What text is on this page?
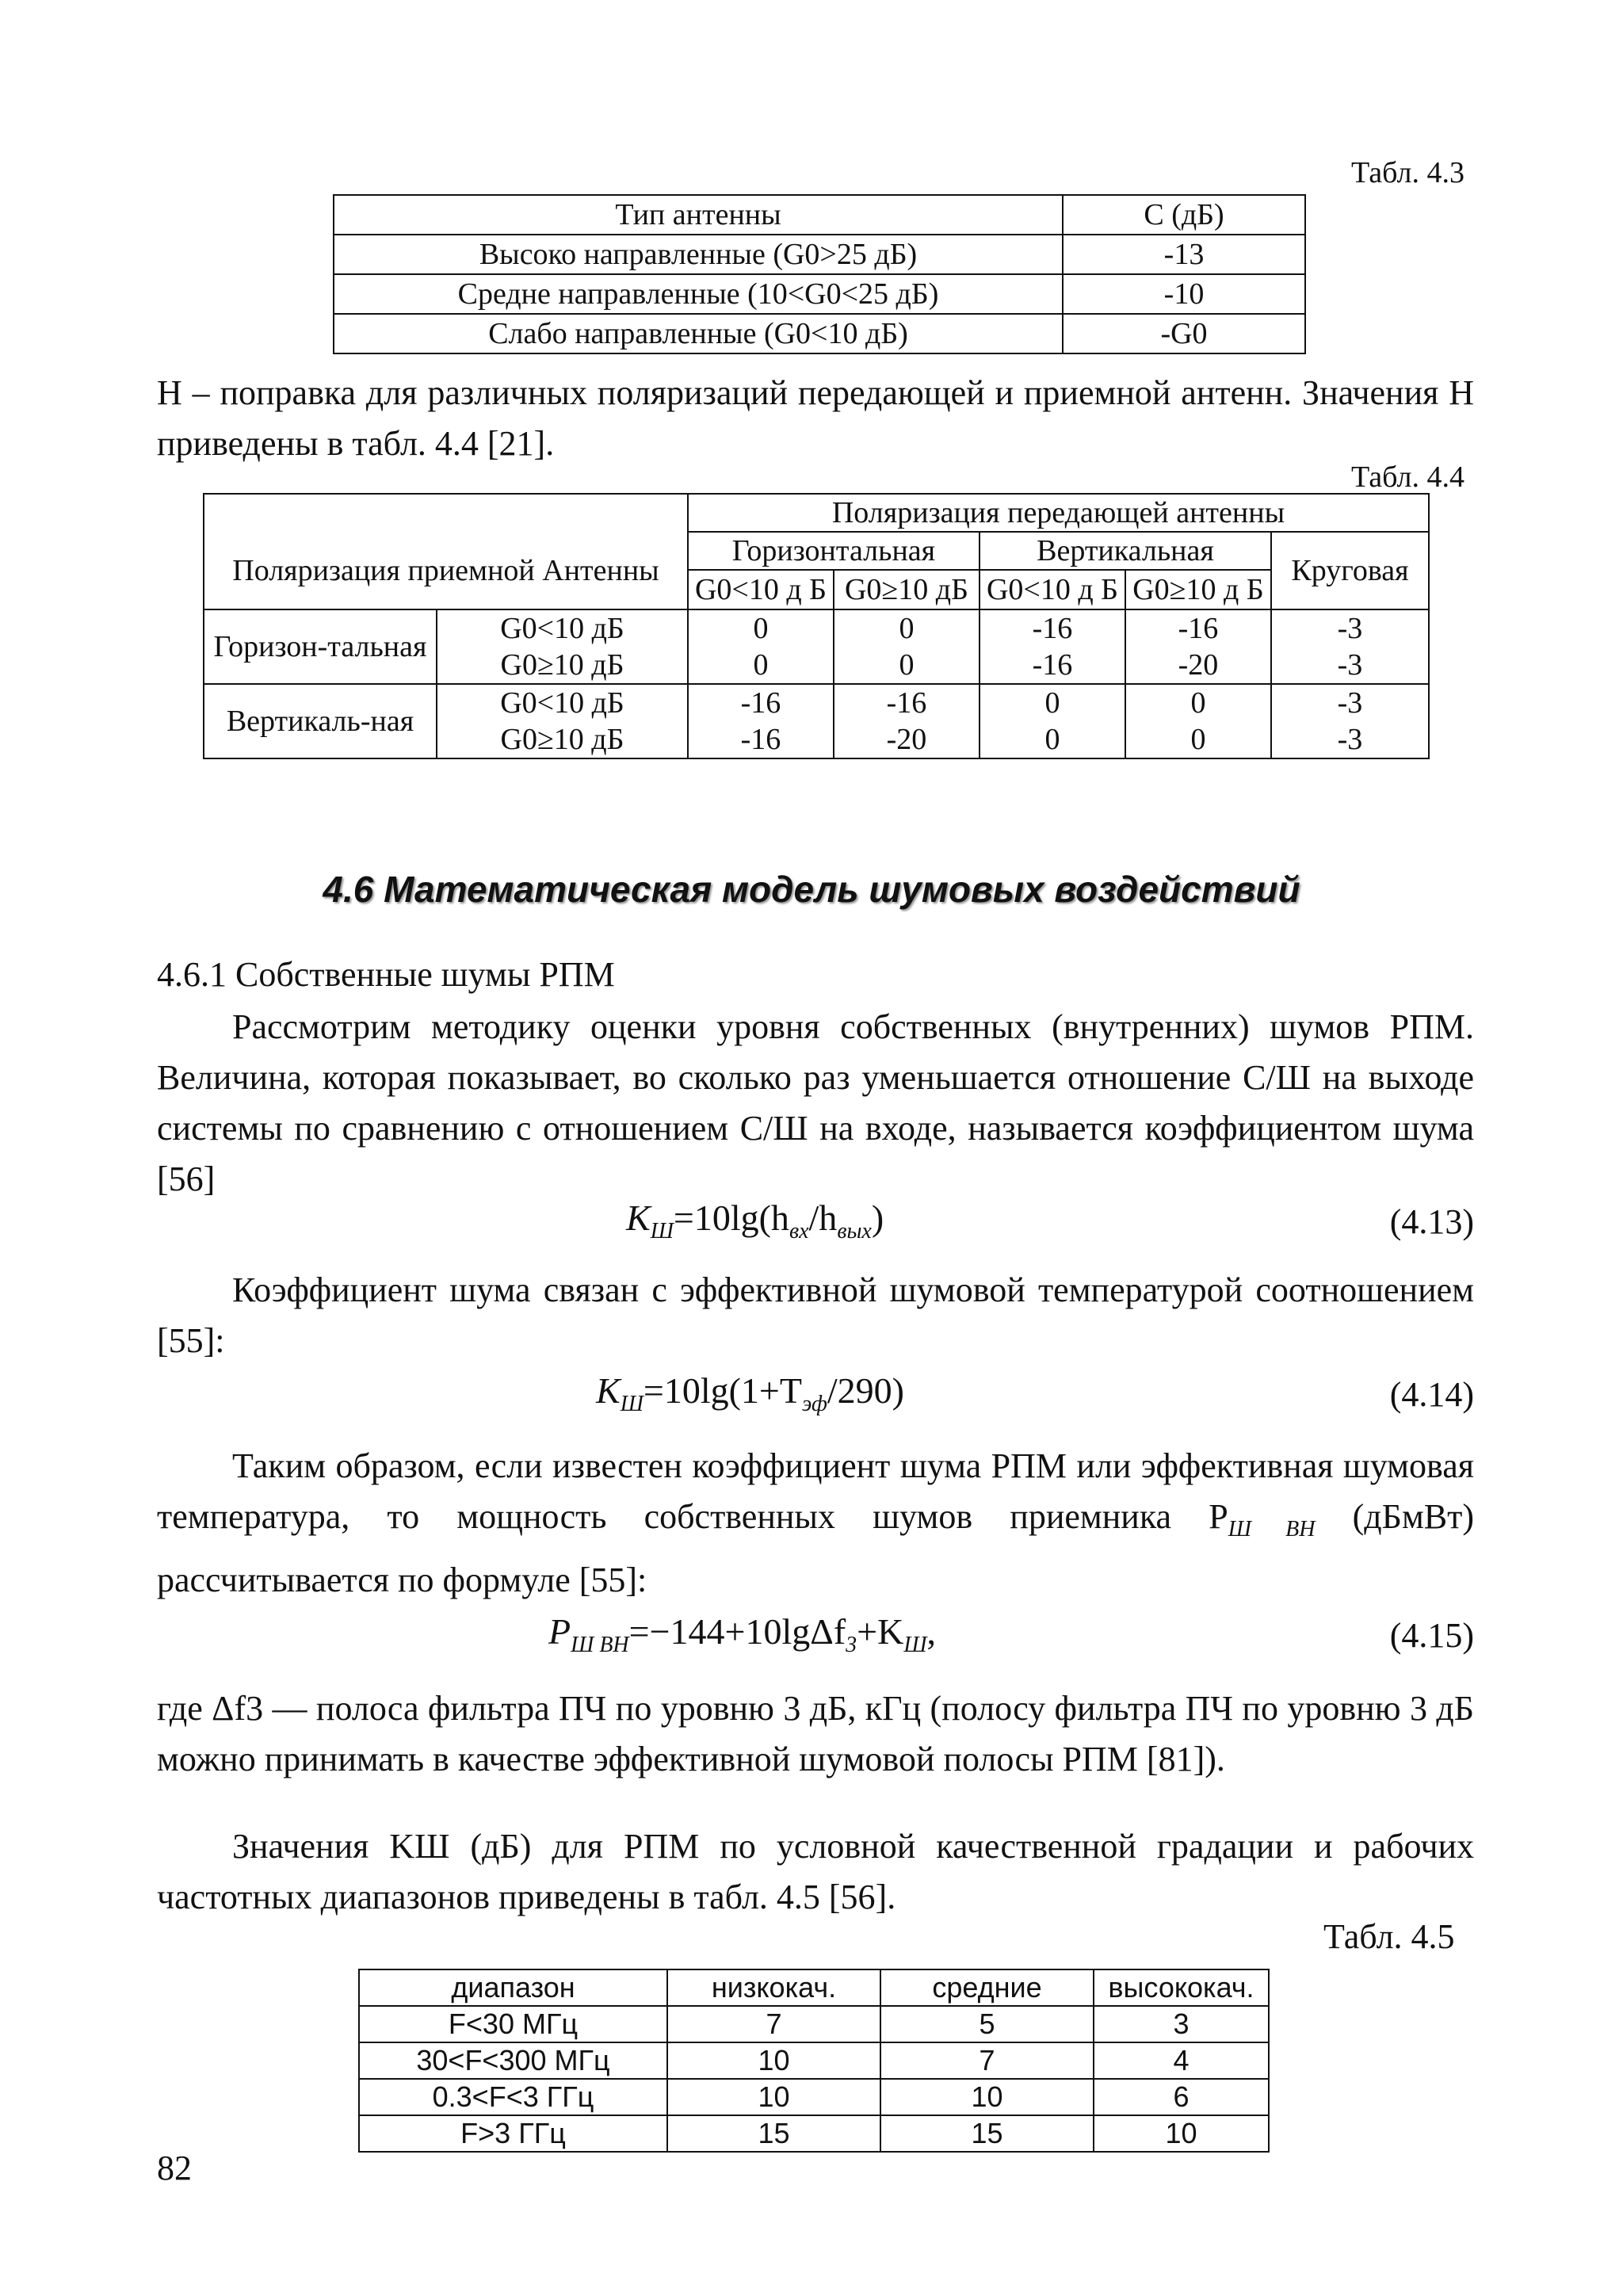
Табл. 4.3
Тип антенны	C (дБ)
Высоко направленные (G0>25 дБ)	-13
Средне направленные (10<G0<25 дБ)	-10
Слабо направленные (G0<10 дБ)	-G0
H – поправка для различных поляризаций передающей и приемной антенн. Значения H приведены в табл. 4.4 [21].
Табл. 4.4
		Поляризация передающей антенны				
Поляризация приемной Антенны		Горизонтальная		Вертикальная		Круговая
		G0<10 д Б	G0≥10 дБ	G0<10 д Б	G0≥10 д Б	

Горизон-тальная	G0<10 дБ	0	0	-16	-16	-3
	G0≥10 дБ	0	0	-16	-20	-3
Вертикаль-ная	G0<10 дБ	-16	-16	0	0	-3
	G0≥10 дБ	-16	-20	0	0	-3
4.6 Математическая модель шумовых воздействий
4.6.1 Собственные шумы РПМ
Рассмотрим методику оценки уровня собственных (внутренних) шумов РПМ. Величина, которая показывает, во сколько раз уменьшается отношение С/Ш на выходе системы по сравнению с отношением С/Ш на входе, называется коэффициентом шума [56]
$K_Ш=10\lg(h_{вх}/h_{вых})$	(4.13)
Коэффициент шума связан с эффективной шумовой температурой соотношением [55]:
$K_Ш=10\lg(1+T_{эф}/290)$	(4.14)
Таким образом, если известен коэффициент шума РПМ или эффективная шумовая температура, то мощность собственных шумов приемника $P_{Ш ВН}$ (дБмВт) рассчитывается по формуле [55]:
$P_{Ш ВН}=-144+10\lg\Delta f_3+K_Ш$,	(4.15)
где Δf3 — полоса фильтра ПЧ по уровню 3 дБ, кГц (полосу фильтра ПЧ по уровню 3 дБ можно принимать в качестве эффективной шумовой полосы РПМ [81]).
Значения KШ (дБ) для РПМ по условной качественной градации и рабочих частотных диапазонов приведены в табл. 4.5 [56].
Табл. 4.5
диапазон	низкокач.	средние	высококач.
F<30 МГц	7	5	3
30<F<300 МГц	10	7	4
0.3<F<3 ГГц	10	10	6
F>3 ГГц	15	15	10
82
